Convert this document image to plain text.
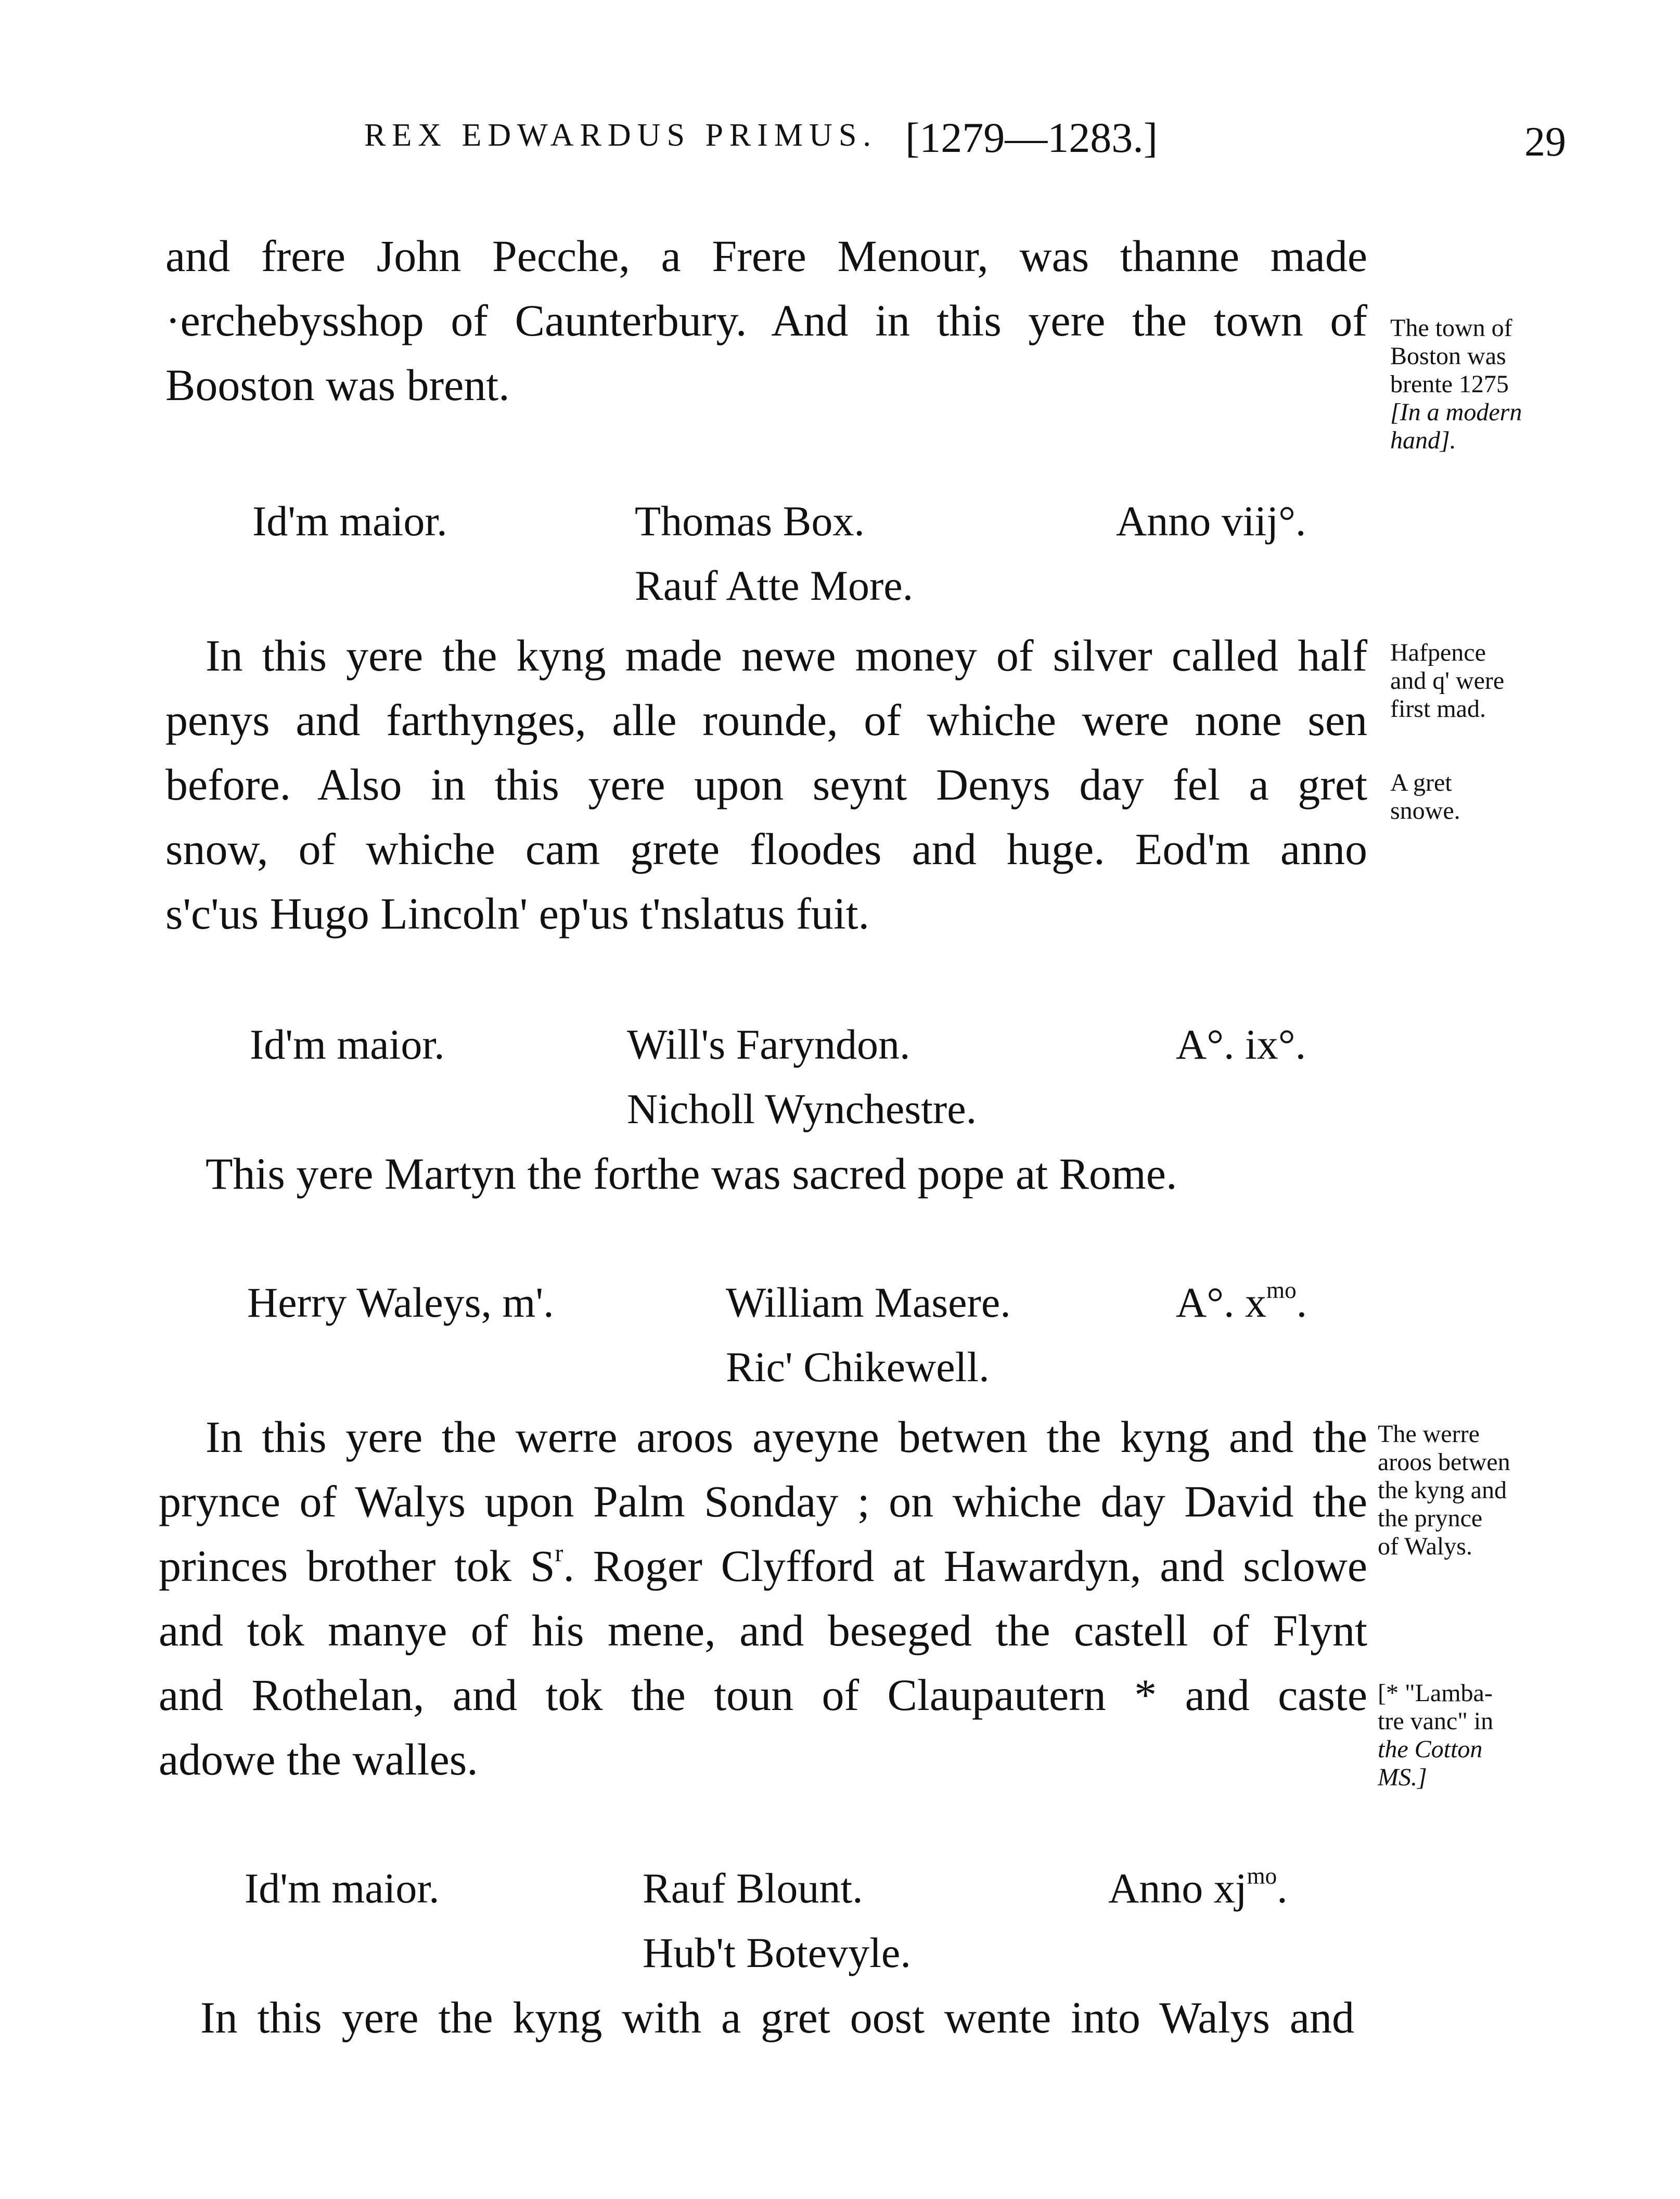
REX EDWARDUS PRIMUS. [1279—1283.]	29
and frere John Pecche, a Frere Menour, was thanne made
·erchebysshop of Caunterbury. And in this yere the town of
Booston was brent.
The town of
Boston was
brente 1275
[In a modern
hand].
Id'm maior.	Thomas Box.	Anno viij°.
Rauf Atte More.
In this yere the kyng made newe money of silver called half
penys and farthynges, alle rounde, of whiche were none sen
before. Also in this yere upon seynt Denys day fel a gret
snow, of whiche cam grete floodes and huge. Eod'm anno
s'c'us Hugo Lincoln' ep'us t'nslatus fuit.
Hafpence
and q' were
first mad.
A gret
snowe.
Id'm maior.	Will's Faryndon.	A°. ix°.
Nicholl Wynchestre.
This yere Martyn the forthe was sacred pope at Rome.
Herry Waleys, m'.	William Masere.	A°. $x^{mo}$.
Ric' Chikewell.
In this yere the werre aroos ayeyne betwen the kyng and the
prynce of Walys upon Palm Sonday ; on whiche day David the
princes brother tok $S^r$. Roger Clyfford at Hawardyn, and sclowe
and tok manye of his mene, and beseged the castell of Flynt
and Rothelan, and tok the toun of Claupautern * and caste
adowe the walles.
The werre
aroos betwen
the kyng and
the prynce
of Walys.
[* "Lamba-
tre vanc" in
the Cotton
MS.]
Id'm maior.	Rauf Blount.	Anno $xj^{mo}$.
Hub't Botevyle.
In this yere the kyng with a gret oost wente into Walys and
